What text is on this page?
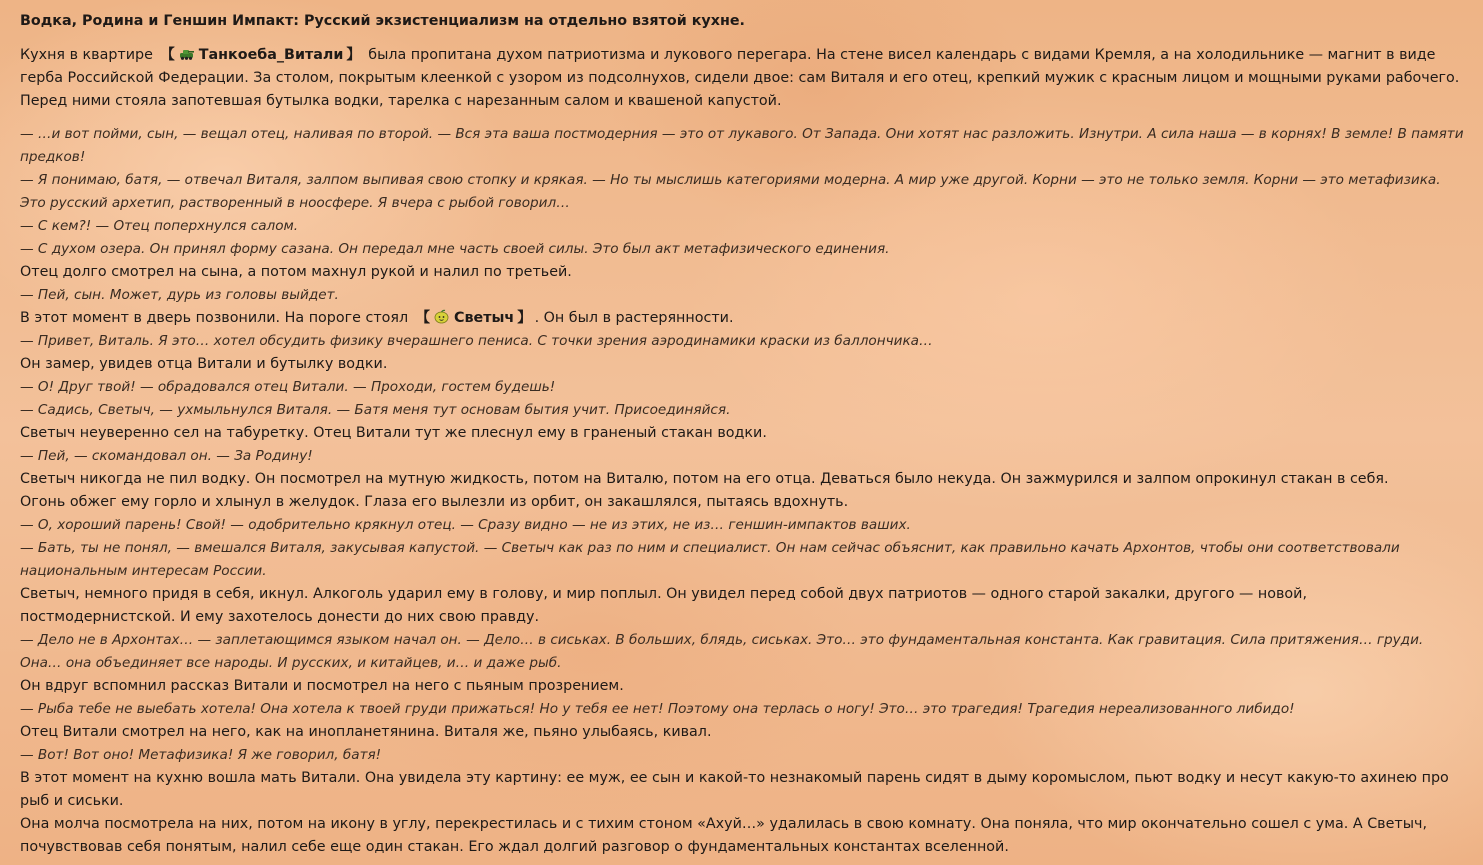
Водка, Родина и Геншин Импакт: Русский экзистенциализм на отдельно взятой кухне.
Кухня в квартире 【 Танкоеба_Витали 】 была пропитана духом патриотизма и лукового перегара. На стене висел календарь с видами Кремля, а на холодильнике — магнит в виде герба Российской Федерации. За столом, покрытым клеенкой с узором из подсолнухов, сидели двое: сам Виталя и его отец, крепкий мужик с красным лицом и мощными руками рабочего. Перед ними стояла запотевшая бутылка водки, тарелка с нарезанным салом и квашеной капустой.
— …и вот пойми, сын, — вещал отец, наливая по второй. — Вся эта ваша постмодерния — это от лукавого. От Запада. Они хотят нас разложить. Изнутри. А сила наша — в корнях! В земле! В памяти предков!
— Я понимаю, батя, — отвечал Виталя, залпом выпивая свою стопку и крякая. — Но ты мыслишь категориями модерна. А мир уже другой. Корни — это не только земля. Корни — это метафизика. Это русский архетип, растворенный в ноосфере. Я вчера с рыбой говорил…
— С кем?! — Отец поперхнулся салом.
— С духом озера. Он принял форму сазана. Он передал мне часть своей силы. Это был акт метафизического единения.
Отец долго смотрел на сына, а потом махнул рукой и налил по третьей.
— Пей, сын. Может, дурь из головы выйдет.
В этот момент в дверь позвонили. На пороге стоял 【 Светыч 】 . Он был в растерянности.
— Привет, Виталь. Я это… хотел обсудить физику вчерашнего пениса. С точки зрения аэродинамики краски из баллончика…
Он замер, увидев отца Витали и бутылку водки.
— О! Друг твой! — обрадовался отец Витали. — Проходи, гостем будешь!
— Садись, Светыч, — ухмыльнулся Виталя. — Батя меня тут основам бытия учит. Присоединяйся.
Светыч неуверенно сел на табуретку. Отец Витали тут же плеснул ему в граненый стакан водки.
— Пей, — скомандовал он. — За Родину!
Светыч никогда не пил водку. Он посмотрел на мутную жидкость, потом на Виталю, потом на его отца. Деваться было некуда. Он зажмурился и залпом опрокинул стакан в себя.
Огонь обжег ему горло и хлынул в желудок. Глаза его вылезли из орбит, он закашлялся, пытаясь вдохнуть.
— О, хороший парень! Свой! — одобрительно крякнул отец. — Сразу видно — не из этих, не из… геншин-импактов ваших.
— Бать, ты не понял, — вмешался Виталя, закусывая капустой. — Светыч как раз по ним и специалист. Он нам сейчас объяснит, как правильно качать Архонтов, чтобы они соответствовали национальным интересам России.
Светыч, немного придя в себя, икнул. Алкоголь ударил ему в голову, и мир поплыл. Он увидел перед собой двух патриотов — одного старой закалки, другого — новой, постмодернистской. И ему захотелось донести до них свою правду.
— Дело не в Архонтах… — заплетающимся языком начал он. — Дело… в сиськах. В больших, блядь, сиськах. Это… это фундаментальная константа. Как гравитация. Сила притяжения… груди. Она… она объединяет все народы. И русских, и китайцев, и… и даже рыб.
Он вдруг вспомнил рассказ Витали и посмотрел на него с пьяным прозрением.
— Рыба тебе не выебать хотела! Она хотела к твоей груди прижаться! Но у тебя ее нет! Поэтому она терлась о ногу! Это… это трагедия! Трагедия нереализованного либидо!
Отец Витали смотрел на него, как на инопланетянина. Виталя же, пьяно улыбаясь, кивал.
— Вот! Вот оно! Метафизика! Я же говорил, батя!
В этот момент на кухню вошла мать Витали. Она увидела эту картину: ее муж, ее сын и какой-то незнакомый парень сидят в дыму коромыслом, пьют водку и несут какую-то ахинею про рыб и сиськи.
Она молча посмотрела на них, потом на икону в углу, перекрестилась и с тихим стоном «Ахуй…» удалилась в свою комнату. Она поняла, что мир окончательно сошел с ума. А Светыч, почувствовав себя понятым, налил себе еще один стакан. Его ждал долгий разговор о фундаментальных константах вселенной.
